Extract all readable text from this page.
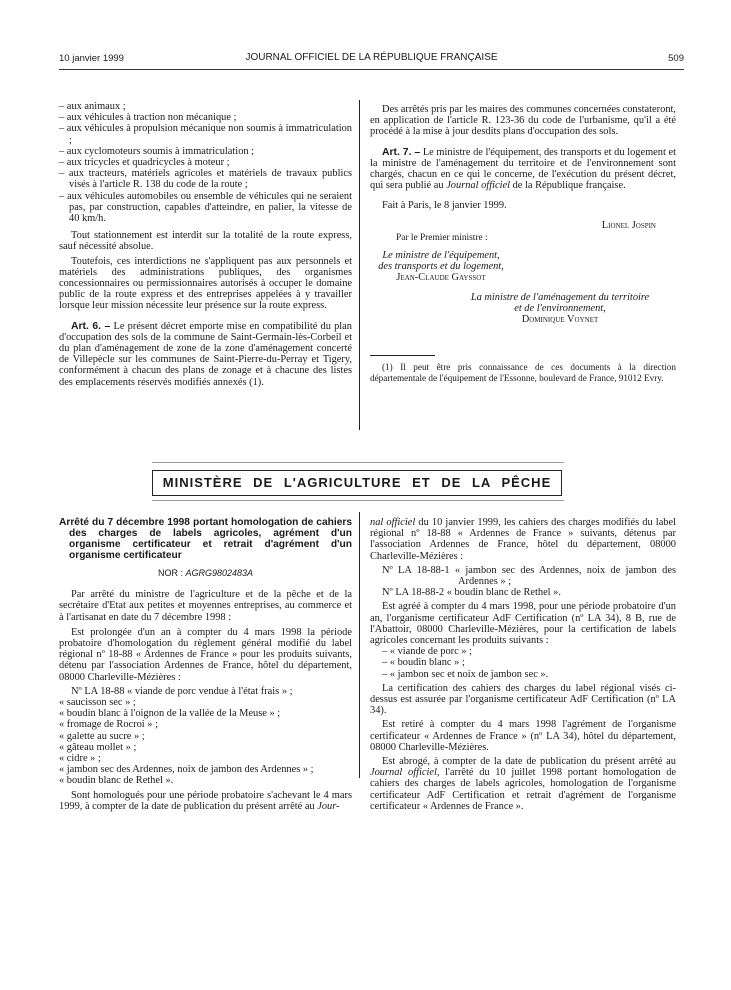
10 janvier 1999	JOURNAL OFFICIEL DE LA RÉPUBLIQUE FRANÇAISE	509

– aux animaux ;

– aux véhicules à traction non mécanique ;

– aux véhicules à propulsion mécanique non soumis à immatriculation ;

– aux cyclomoteurs soumis à immatriculation ;

– aux tricycles et quadricycles à moteur ;

– aux tracteurs, matériels agricoles et matériels de travaux publics visés à l'article R. 138 du code de la route ;

– aux véhicules automobiles ou ensemble de véhicules qui ne seraient pas, par construction, capables d'atteindre, en palier, la vitesse de 40 km/h.

Tout stationnement est interdit sur la totalité de la route express, sauf nécessité absolue.

Toutefois, ces interdictions ne s'appliquent pas aux personnels et matériels des administrations publiques, des organismes concessionnaires ou permissionnaires autorisés à occuper le domaine public de la route express et des entreprises appelées à y travailler lorsque leur mission nécessite leur présence sur la route express.

Art. 6. – Le présent décret emporte mise en compatibilité du plan d'occupation des sols de la commune de Saint-Germain-lès-Corbeil et du plan d'aménagement de zone de la zone d'aménagement concerté de Villepècle sur les communes de Saint-Pierre-du-Perray et Tigery, conformément à chacun des plans de zonage et à chacune des listes des emplacements réservés modifiés annexés (1).

Des arrêtés pris par les maires des communes concernées constateront, en application de l'article R. 123-36 du code de l'urbanisme, qu'il a été procédé à la mise à jour desdits plans d'occupation des sols.

Art. 7. – Le ministre de l'équipement, des transports et du logement et la ministre de l'aménagement du territoire et de l'environnement sont chargés, chacun en ce qui le concerne, de l'exécution du présent décret, qui sera publié au Journal officiel de la République française.

Fait à Paris, le 8 janvier 1999.

Lionel Jospin

Par le Premier ministre :

Le ministre de l'équipement,

des transports et du logement,

Jean-Claude Gayssot

La ministre de l'aménagement du territoire

et de l'environnement,

Dominique Voynet

(1) Il peut être pris connaissance de ces documents à la direction départementale de l'équipement de l'Essonne, boulevard de France, 91012 Evry.

MINISTÈRE DE L'AGRICULTURE ET DE LA PÊCHE

Arrêté du 7 décembre 1998 portant homologation de cahiers des charges de labels agricoles, agrément d'un organisme certificateur et retrait d'agrément d'un organisme certificateur

NOR : AGRG9802483A

Par arrêté du ministre de l'agriculture et de la pêche et de la secrétaire d'Etat aux petites et moyennes entreprises, au commerce et à l'artisanat en date du 7 décembre 1998 :

Est prolongée d'un an à compter du 4 mars 1998 la période probatoire d'homologation du règlement général modifié du label régional nº 18-88 « Ardennes de France » pour les produits suivants, détenu par l'association Ardennes de France, hôtel du département, 08000 Charleville-Mézières :

Nº LA 18-88 « viande de porc vendue à l'état frais » ;

« saucisson sec » ;

« boudin blanc à l'oignon de la vallée de la Meuse » ;

« fromage de Rocroi » ;

« galette au sucre » ;

« gâteau mollet » ;

« cidre » ;

« jambon sec des Ardennes, noix de jambon des Ardennes » ;

« boudin blanc de Rethel ».

Sont homologués pour une période probatoire s'achevant le 4 mars 1999, à compter de la date de publication du présent arrêté au Jour-

nal officiel du 10 janvier 1999, les cahiers des charges modifiés du label régional nº 18-88 « Ardennes de France » suivants, détenus par l'association Ardennes de France, hôtel du département, 08000 Charleville-Mézières :

Nº LA 18-88-1 « jambon sec des Ardennes, noix de jambon des Ardennes » ;

Nº LA 18-88-2 « boudin blanc de Rethel ».

Est agréé à compter du 4 mars 1998, pour une période probatoire d'un an, l'organisme certificateur AdF Certification (nº LA 34), 8 B, rue de l'Abattoir, 08000 Charleville-Mézières, pour la certification de labels agricoles concernant les produits suivants :

– « viande de porc » ;

– « boudin blanc » ;

– « jambon sec et noix de jambon sec ».

La certification des cahiers des charges du label régional visés ci-dessus est assurée par l'organisme certificateur AdF Certification (nº LA 34).

Est retiré à compter du 4 mars 1998 l'agrément de l'organisme certificateur « Ardennes de France » (nº LA 34), hôtel du département, 08000 Charleville-Mézières.

Est abrogé, à compter de la date de publication du présent arrêté au Journal officiel, l'arrêté du 10 juillet 1998 portant homologation de cahiers des charges de labels agricoles, homologation de l'organisme certificateur AdF Certification et retrait d'agrément de l'organisme certificateur « Ardennes de France ».
